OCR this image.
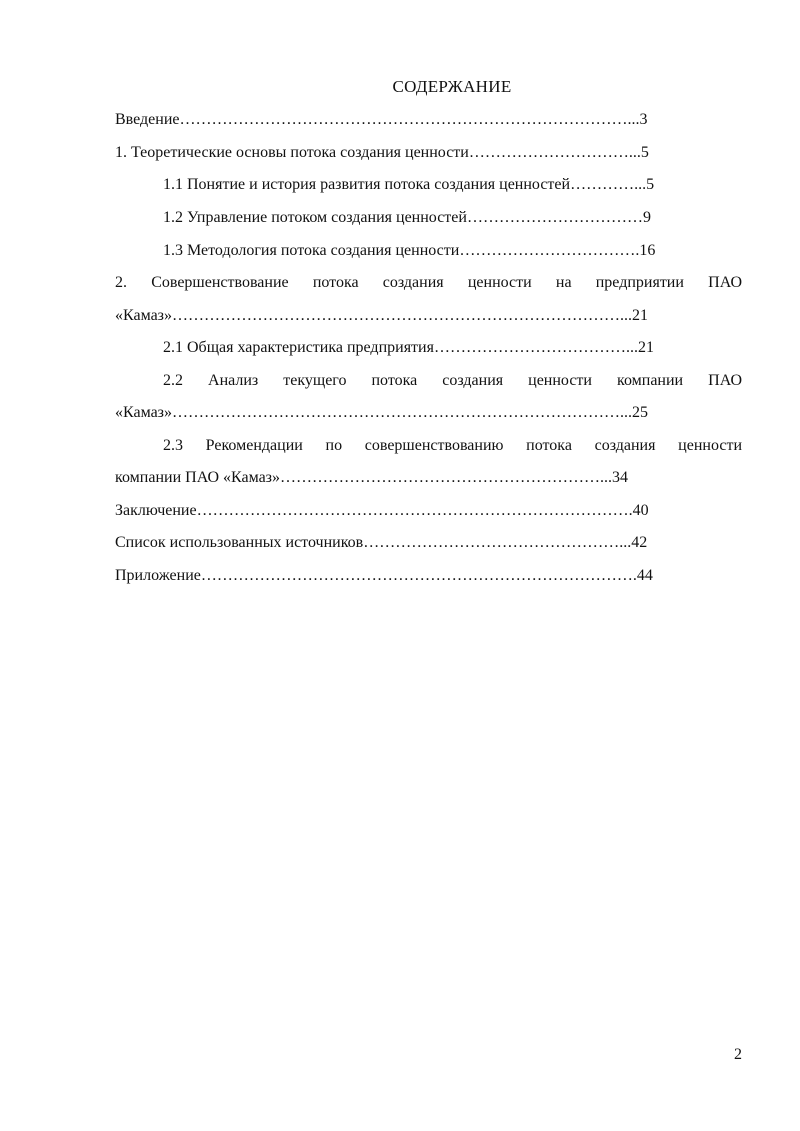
СОДЕРЖАНИЕ
Введение…………………………………………………………………………...3
1. Теоретические основы потока создания ценности…………………………...5
1.1 Понятие и история развития потока создания ценностей…………...5
1.2 Управление потоком создания ценностей……………………………9
1.3 Методология потока создания ценности…………………………….16
2. Совершенствование потока создания ценности на предприятии ПАО
«Камаз»…………………………………………………………………………...21
2.1 Общая характеристика предприятия………………………………...21
2.2 Анализ текущего потока создания ценности компании ПАО
«Камаз»…………………………………………………………………………...25
2.3 Рекомендации по совершенствованию потока создания ценности
компании ПАО «Камаз»……………………………………………………...34
Заключение……………………………………………………………………….40
Список использованных источников…………………………………………...42
Приложение……………………………………………………………………….44
2
